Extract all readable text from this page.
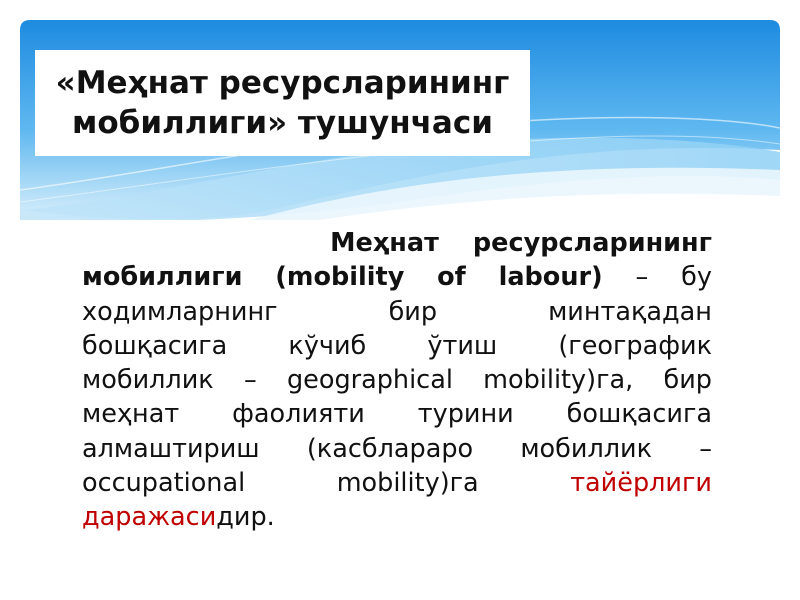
«Меҳнат ресурсларининг
мобиллиги» тушунчаси
Меҳнат ресурсларининг
мобиллиги (mobility of labour) – бу
ходимларнинг	бир	минтақадан
бошқасига кўчиб ўтиш (географик
мобиллик – geographical mobility)га, бир
меҳнат фаолияти турини бошқасига
алмаштириш (касблараро мобиллик –
occupational	mobility)га	тайёрлиги
даражаси дир.
